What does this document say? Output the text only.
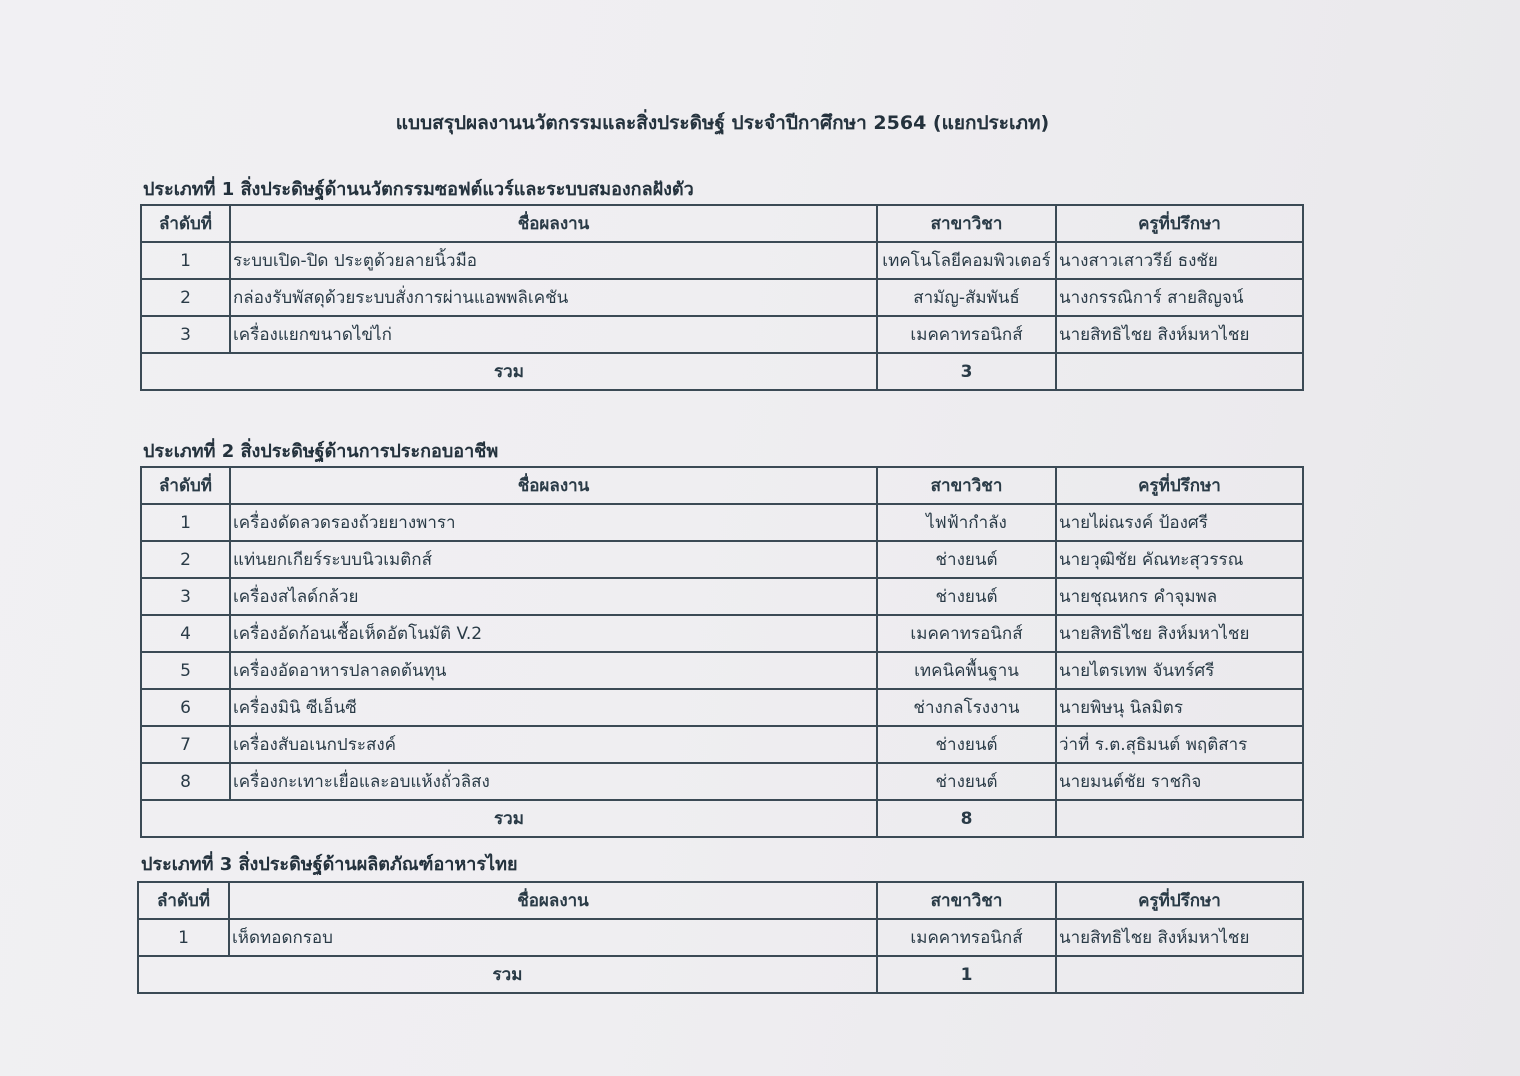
แบบสรุปผลงานนวัตกรรมและสิ่งประดิษฐ์ ประจำปีกาศึกษา 2564 (แยกประเภท)
ประเภทที่ 1 สิ่งประดิษฐ์ด้านนวัตกรรมซอฟต์แวร์และระบบสมองกลฝังตัว
ลำดับที่	ชื่อผลงาน	สาขาวิชา	ครูที่ปรึกษา
1	ระบบเปิด-ปิด ประตูด้วยลายนิ้วมือ	เทคโนโลยีคอมพิวเตอร์	นางสาวเสาวรีย์ ธงชัย
2	กล่องรับพัสดุด้วยระบบสั่งการผ่านแอพพลิเคชัน	สามัญ-สัมพันธ์	นางกรรณิการ์ สายสิญจน์
3	เครื่องแยกขนาดไข่ไก่	เมคคาทรอนิกส์	นายสิทธิไชย สิงห์มหาไชย
รวม		3	
ประเภทที่ 2 สิ่งประดิษฐ์ด้านการประกอบอาชีพ
ลำดับที่	ชื่อผลงาน	สาขาวิชา	ครูที่ปรึกษา
1	เครื่องดัดลวดรองถ้วยยางพารา	ไฟฟ้ากำลัง	นายไผ่ณรงค์ ป้องศรี
2	แท่นยกเกียร์ระบบนิวเมติกส์	ช่างยนต์	นายวุฒิชัย คัณทะสุวรรณ
3	เครื่องสไลด์กล้วย	ช่างยนต์	นายชุณหกร คำจุมพล
4	เครื่องอัดก้อนเชื้อเห็ดอัตโนมัติ V.2	เมคคาทรอนิกส์	นายสิทธิไชย สิงห์มหาไชย
5	เครื่องอัดอาหารปลาลดต้นทุน	เทคนิคพื้นฐาน	นายไตรเทพ จันทร์ศรี
6	เครื่องมินิ ซีเอ็นซี	ช่างกลโรงงาน	นายพิษนุ นิลมิตร
7	เครื่องสับอเนกประสงค์	ช่างยนต์	ว่าที่ ร.ต.สุธิมนต์ พฤติสาร
8	เครื่องกะเทาะเยื่อและอบแห้งถั่วลิสง	ช่างยนต์	นายมนต์ชัย ราชกิจ
รวม		8	
ประเภทที่ 3 สิ่งประดิษฐ์ด้านผลิตภัณฑ์อาหารไทย
ลำดับที่	ชื่อผลงาน	สาขาวิชา	ครูที่ปรึกษา
1	เห็ดทอดกรอบ	เมคคาทรอนิกส์	นายสิทธิไชย สิงห์มหาไชย
รวม		1	
